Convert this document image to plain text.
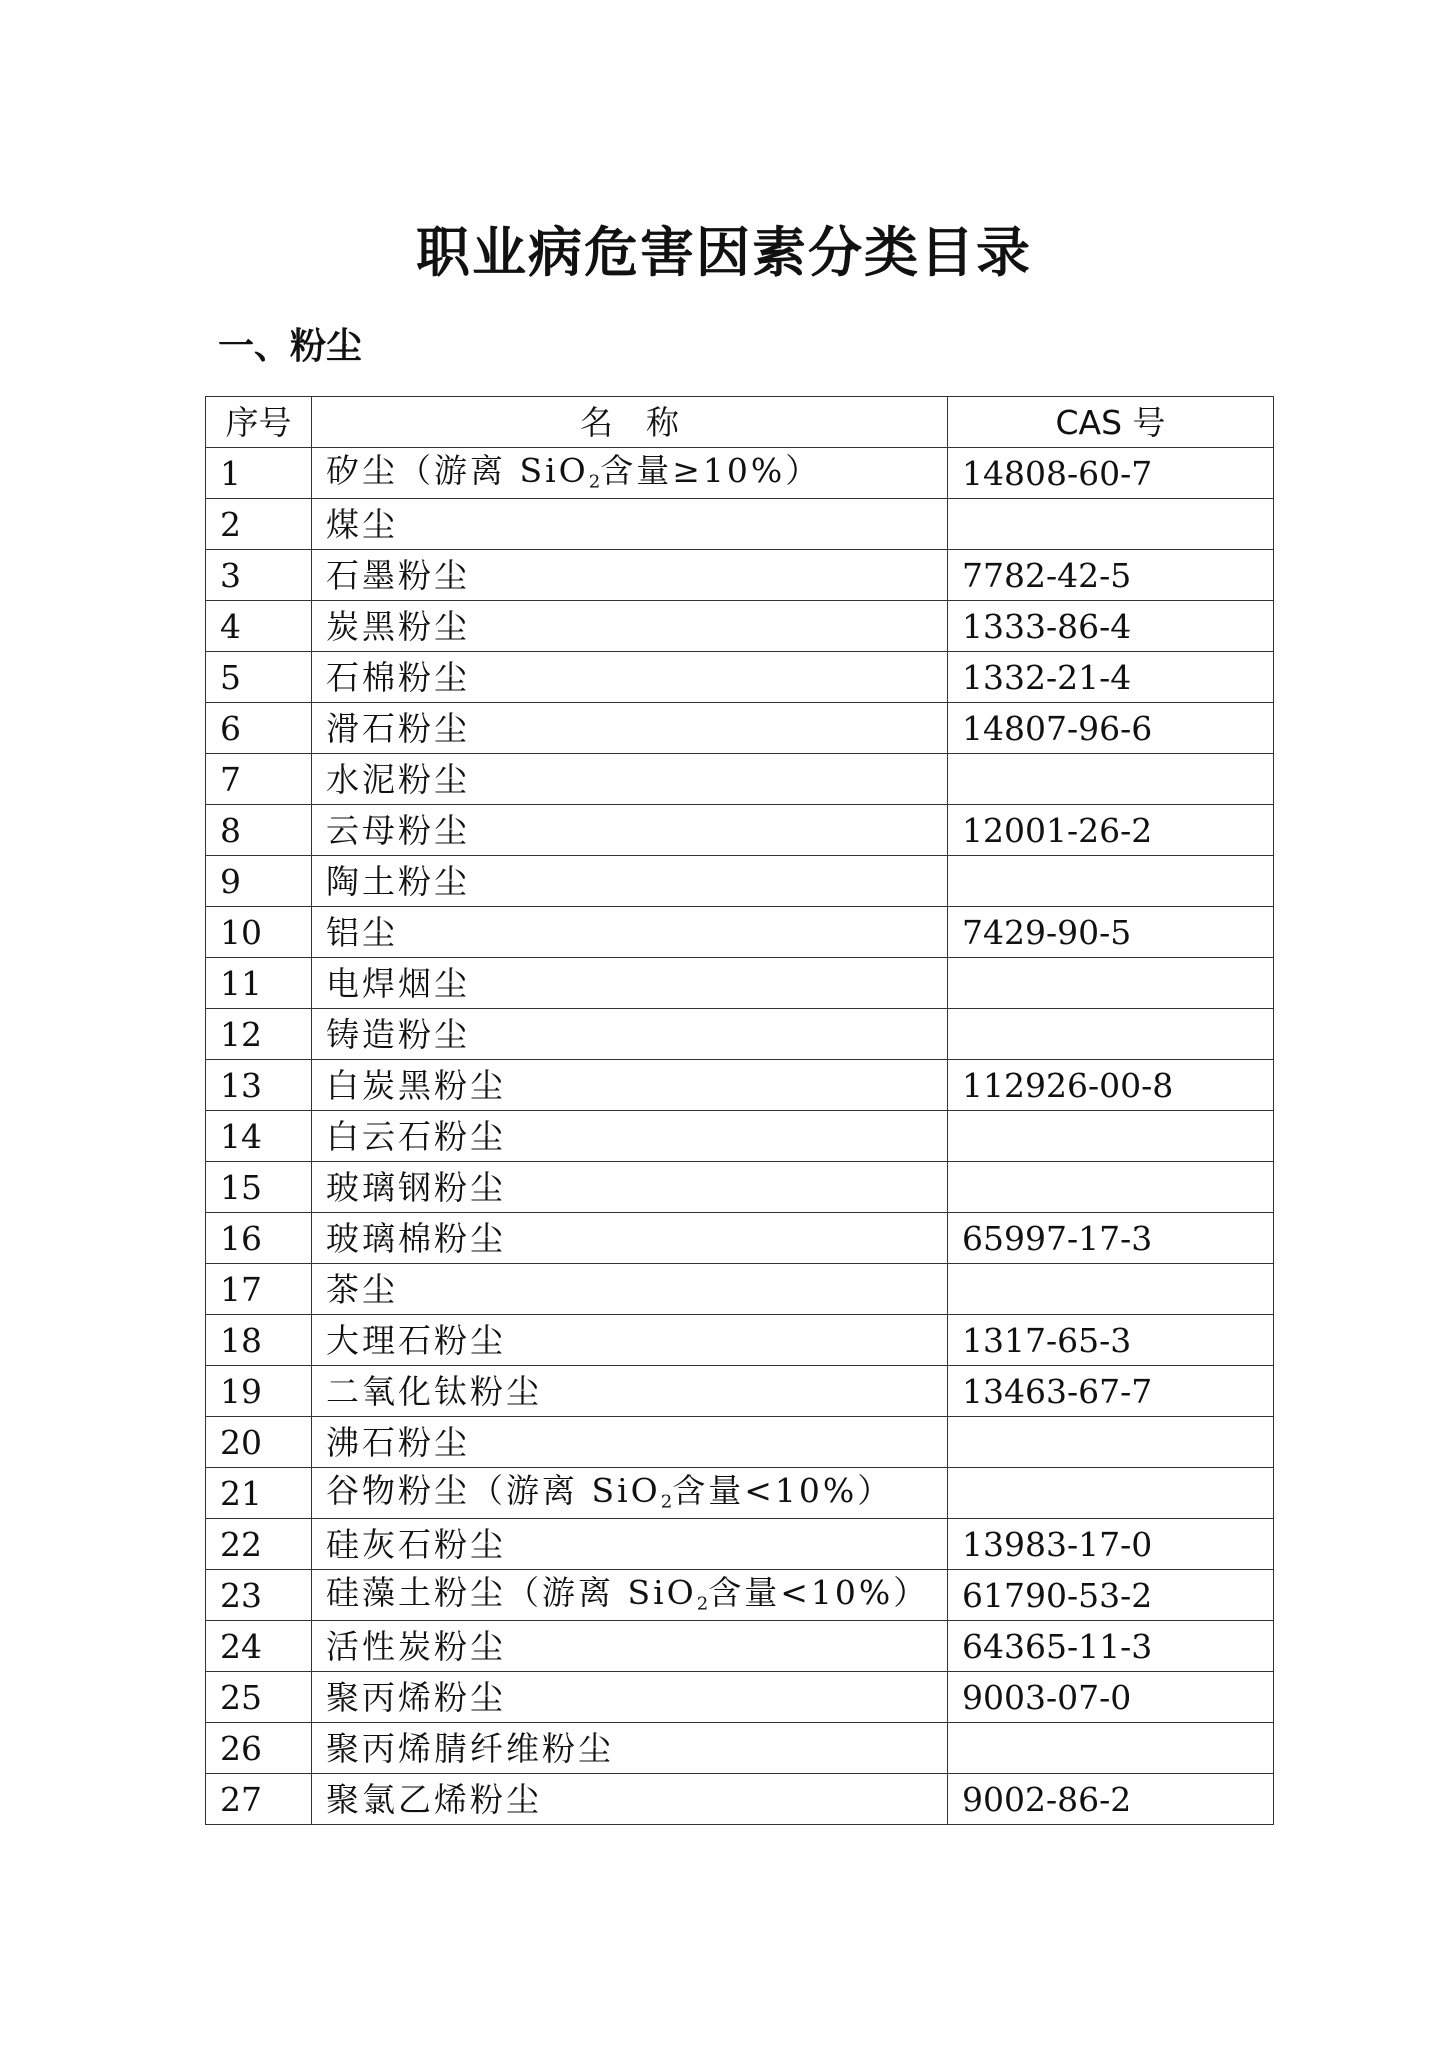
职业病危害因素分类目录
一、粉尘
序号	名　称	CAS 号
1	矽尘（游离 SiO$_2$含量≥10%）	14808-60-7
2	煤尘	
3	石墨粉尘	7782-42-5
4	炭黑粉尘	1333-86-4
5	石棉粉尘	1332-21-4
6	滑石粉尘	14807-96-6
7	水泥粉尘	
8	云母粉尘	12001-26-2
9	陶土粉尘	
10	铝尘	7429-90-5
11	电焊烟尘	
12	铸造粉尘	
13	白炭黑粉尘	112926-00-8
14	白云石粉尘	
15	玻璃钢粉尘	
16	玻璃棉粉尘	65997-17-3
17	茶尘	
18	大理石粉尘	1317-65-3
19	二氧化钛粉尘	13463-67-7
20	沸石粉尘	
21	谷物粉尘（游离 SiO$_2$含量<10%）	
22	硅灰石粉尘	13983-17-0
23	硅藻土粉尘（游离 SiO$_2$含量<10%）	61790-53-2
24	活性炭粉尘	64365-11-3
25	聚丙烯粉尘	9003-07-0
26	聚丙烯腈纤维粉尘	
27	聚氯乙烯粉尘	9002-86-2
